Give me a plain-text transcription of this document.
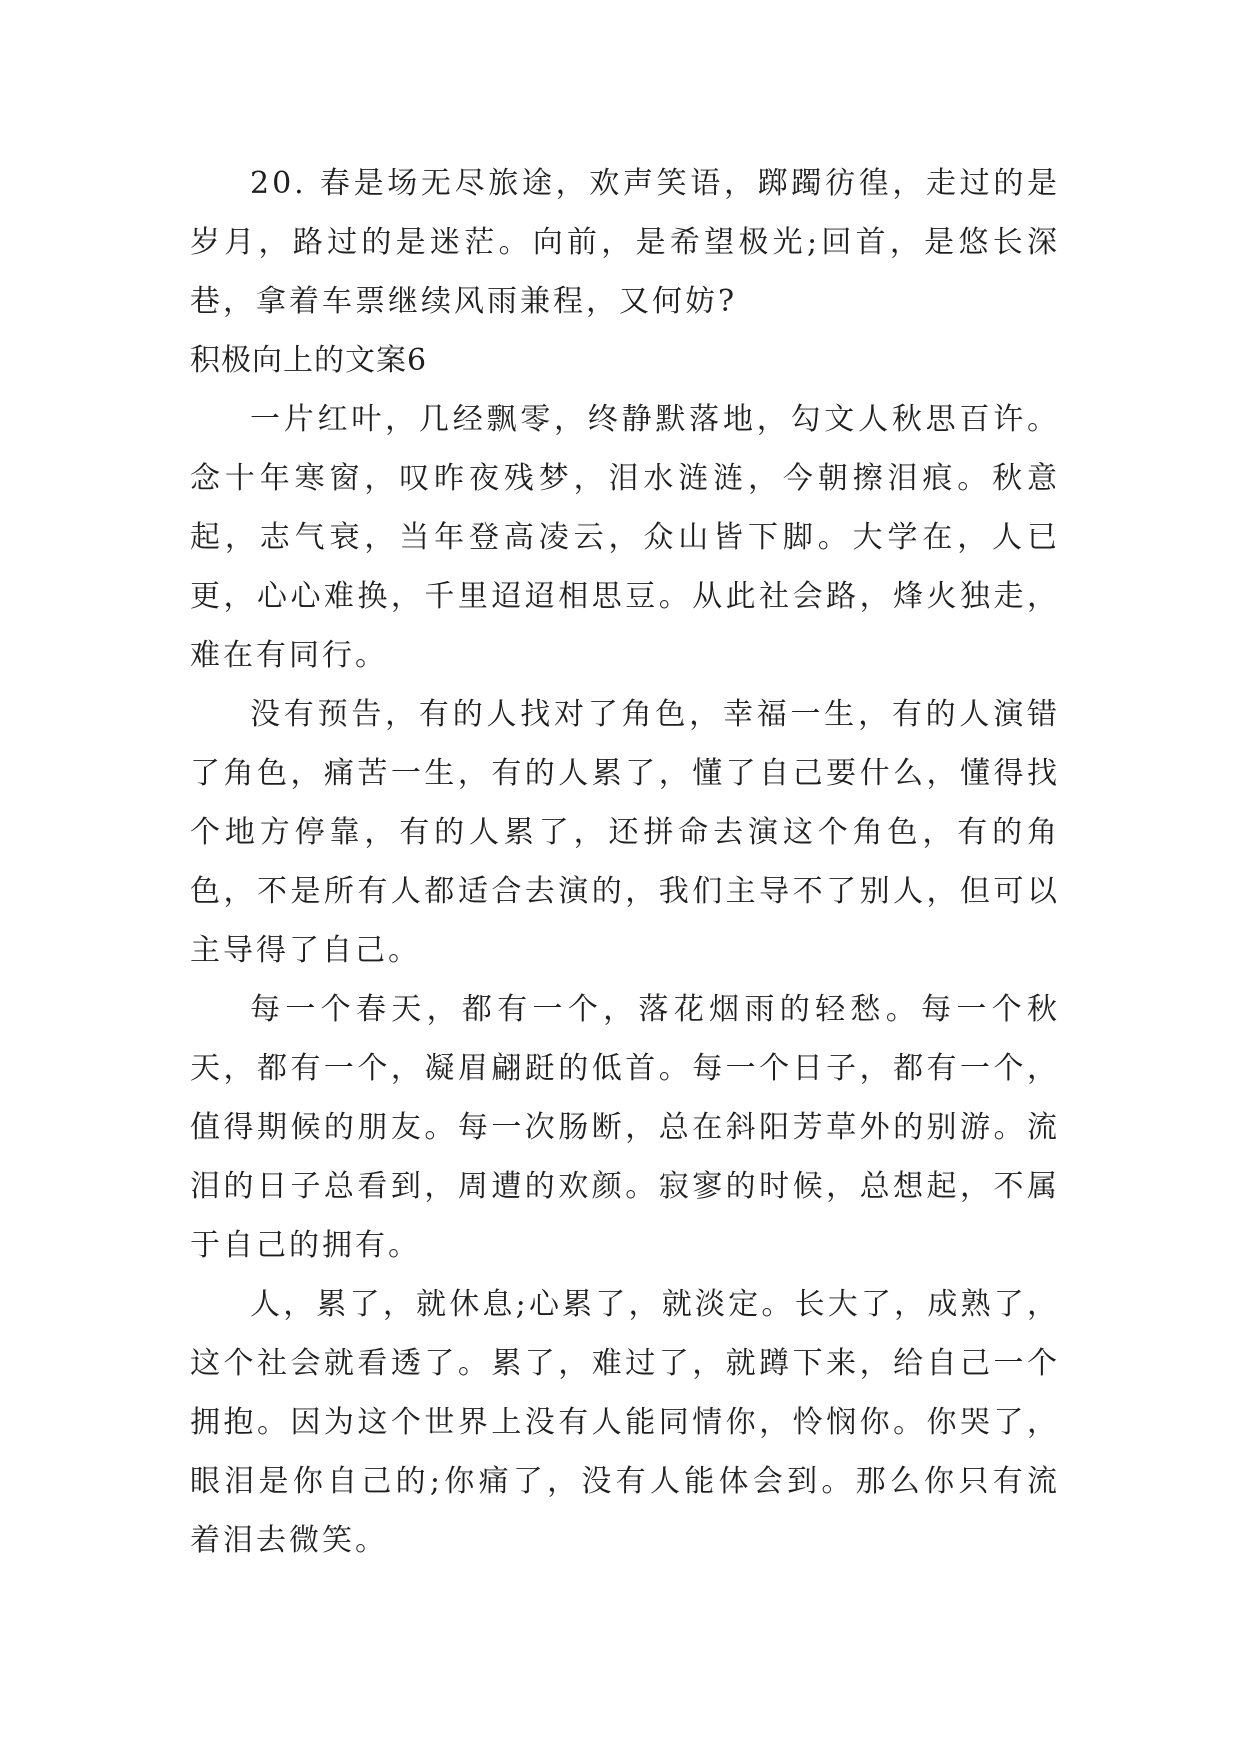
20. 春是场无尽旅途，欢声笑语，踯躅彷徨，走过的是岁月，路过的是迷茫。向前，是希望极光;回首，是悠长深巷，拿着车票继续风雨兼程，又何妨?

积极向上的文案6

一片红叶，几经飘零，终静默落地，勾文人秋思百许。念十年寒窗，叹昨夜残梦，泪水涟涟，今朝擦泪痕。秋意起，志气衰，当年登高凌云，众山皆下脚。大学在，人已更，心心难换，千里迢迢相思豆。从此社会路，烽火独走，难在有同行。

没有预告，有的人找对了角色，幸福一生，有的人演错了角色，痛苦一生，有的人累了，懂了自己要什么，懂得找个地方停靠，有的人累了，还拼命去演这个角色，有的角色，不是所有人都适合去演的，我们主导不了别人，但可以主导得了自己。

每一个春天，都有一个，落花烟雨的轻愁。每一个秋天，都有一个，凝眉翩跹的低首。每一个日子，都有一个，值得期候的朋友。每一次肠断，总在斜阳芳草外的别游。流泪的日子总看到，周遭的欢颜。寂寥的时候，总想起，不属于自己的拥有。

人，累了，就休息;心累了，就淡定。长大了，成熟了，这个社会就看透了。累了，难过了，就蹲下来，给自己一个拥抱。因为这个世界上没有人能同情你，怜悯你。你哭了，眼泪是你自己的;你痛了，没有人能体会到。那么你只有流着泪去微笑。
